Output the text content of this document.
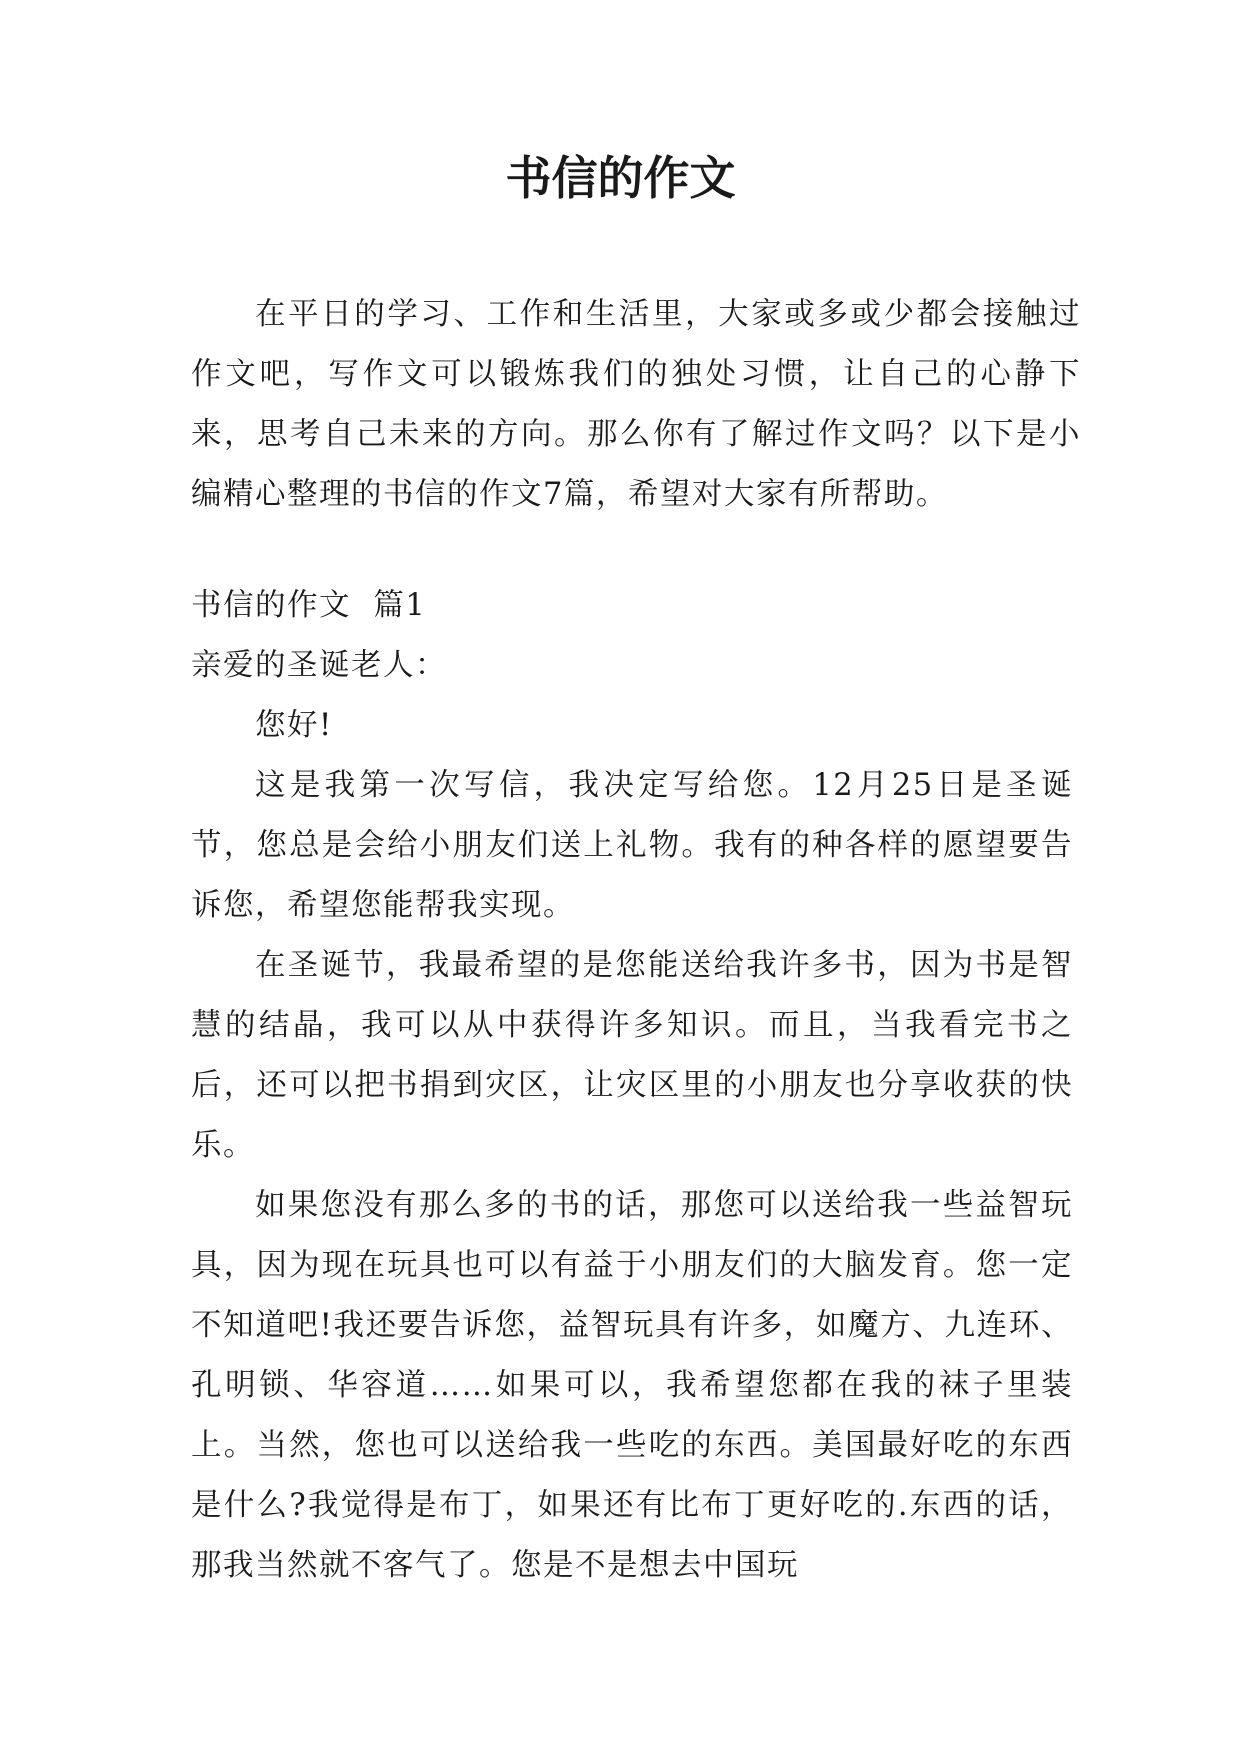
书信的作文

在平日的学习、工作和生活里，大家或多或少都会接触过作文吧，写作文可以锻炼我们的独处习惯，让自己的心静下来，思考自己未来的方向。那么你有了解过作文吗？以下是小编精心整理的书信的作文7篇，希望对大家有所帮助。

书信的作文  篇1

亲爱的圣诞老人：

您好!

这是我第一次写信，我决定写给您。12月25日是圣诞节，您总是会给小朋友们送上礼物。我有的种各样的愿望要告诉您，希望您能帮我实现。

在圣诞节，我最希望的是您能送给我许多书，因为书是智慧的结晶，我可以从中获得许多知识。而且，当我看完书之后，还可以把书捐到灾区，让灾区里的小朋友也分享收获的快乐。

如果您没有那么多的书的话，那您可以送给我一些益智玩具，因为现在玩具也可以有益于小朋友们的大脑发育。您一定不知道吧!我还要告诉您，益智玩具有许多，如魔方、九连环、孔明锁、华容道……如果可以，我希望您都在我的袜子里装上。当然，您也可以送给我一些吃的东西。美国最好吃的东西是什么?我觉得是布丁，如果还有比布丁更好吃的.东西的话，那我当然就不客气了。您是不是想去中国玩
